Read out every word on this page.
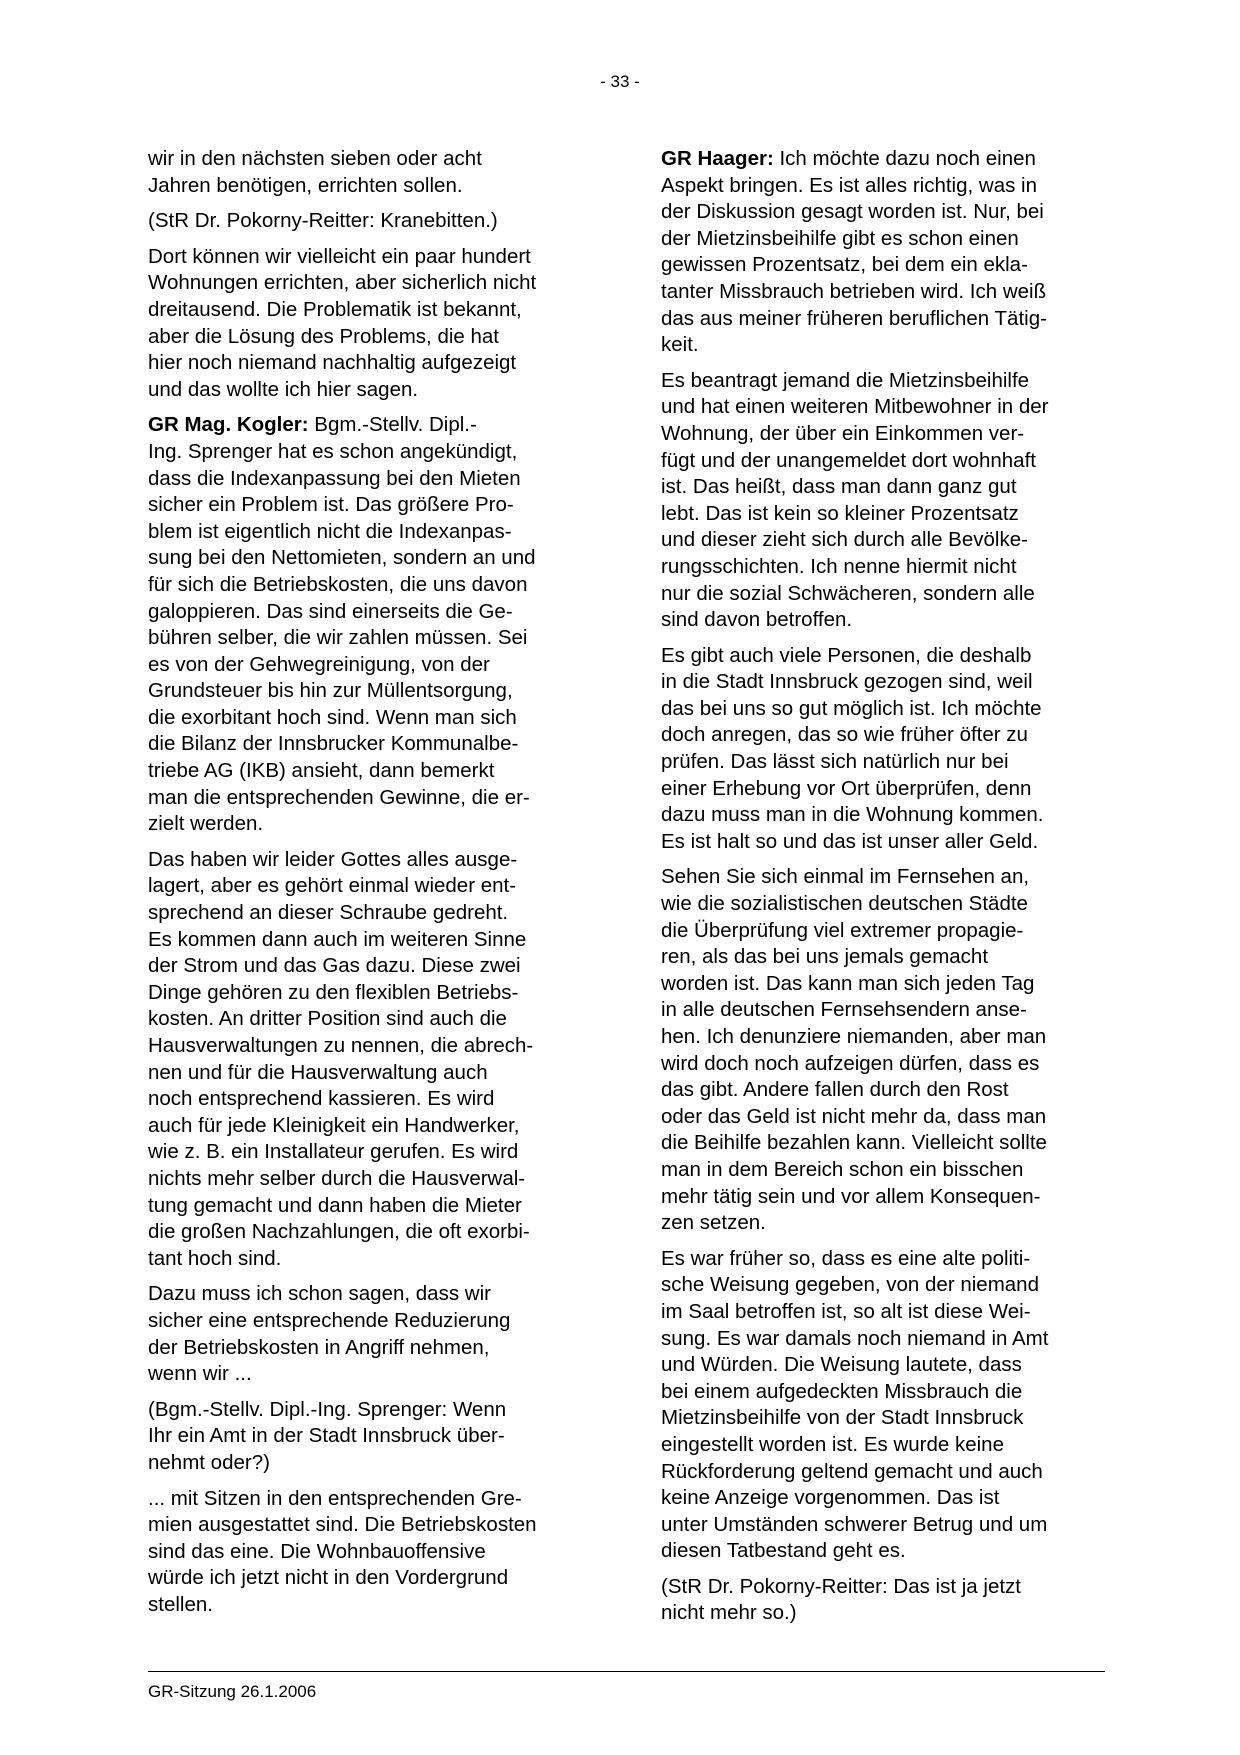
- 33 -

wir in den nächsten sieben oder acht
Jahren benötigen, errichten sollen.

(StR Dr. Pokorny-Reitter: Kranebitten.)

Dort können wir vielleicht ein paar hundert
Wohnungen errichten, aber sicherlich nicht
dreitausend. Die Problematik ist bekannt,
aber die Lösung des Problems, die hat
hier noch niemand nachhaltig aufgezeigt
und das wollte ich hier sagen.

GR Mag. Kogler: Bgm.-Stellv. Dipl.-
Ing. Sprenger hat es schon angekündigt,
dass die Indexanpassung bei den Mieten
sicher ein Problem ist. Das größere Pro-
blem ist eigentlich nicht die Indexanpas-
sung bei den Nettomieten, sondern an und
für sich die Betriebskosten, die uns davon
galoppieren. Das sind einerseits die Ge-
bühren selber, die wir zahlen müssen. Sei
es von der Gehwegreinigung, von der
Grundsteuer bis hin zur Müllentsorgung,
die exorbitant hoch sind. Wenn man sich
die Bilanz der Innsbrucker Kommunalbe-
triebe AG (IKB) ansieht, dann bemerkt
man die entsprechenden Gewinne, die er-
zielt werden.

Das haben wir leider Gottes alles ausge-
lagert, aber es gehört einmal wieder ent-
sprechend an dieser Schraube gedreht.
Es kommen dann auch im weiteren Sinne
der Strom und das Gas dazu. Diese zwei
Dinge gehören zu den flexiblen Betriebs-
kosten. An dritter Position sind auch die
Hausverwaltungen zu nennen, die abrech-
nen und für die Hausverwaltung auch
noch entsprechend kassieren. Es wird
auch für jede Kleinigkeit ein Handwerker,
wie z. B. ein Installateur gerufen. Es wird
nichts mehr selber durch die Hausverwal-
tung gemacht und dann haben die Mieter
die großen Nachzahlungen, die oft exorbi-
tant hoch sind.

Dazu muss ich schon sagen, dass wir
sicher eine entsprechende Reduzierung
der Betriebskosten in Angriff nehmen,
wenn wir ...

(Bgm.-Stellv. Dipl.-Ing. Sprenger: Wenn
Ihr ein Amt in der Stadt Innsbruck über-
nehmt oder?)

... mit Sitzen in den entsprechenden Gre-
mien ausgestattet sind. Die Betriebskosten
sind das eine. Die Wohnbauoffensive
würde ich jetzt nicht in den Vordergrund
stellen.

GR Haager: Ich möchte dazu noch einen
Aspekt bringen. Es ist alles richtig, was in
der Diskussion gesagt worden ist. Nur, bei
der Mietzinsbeihilfe gibt es schon einen
gewissen Prozentsatz, bei dem ein ekla-
tanter Missbrauch betrieben wird. Ich weiß
das aus meiner früheren beruflichen Tätig-
keit.

Es beantragt jemand die Mietzinsbeihilfe
und hat einen weiteren Mitbewohner in der
Wohnung, der über ein Einkommen ver-
fügt und der unangemeldet dort wohnhaft
ist. Das heißt, dass man dann ganz gut
lebt. Das ist kein so kleiner Prozentsatz
und dieser zieht sich durch alle Bevölke-
rungsschichten. Ich nenne hiermit nicht
nur die sozial Schwächeren, sondern alle
sind davon betroffen.

Es gibt auch viele Personen, die deshalb
in die Stadt Innsbruck gezogen sind, weil
das bei uns so gut möglich ist. Ich möchte
doch anregen, das so wie früher öfter zu
prüfen. Das lässt sich natürlich nur bei
einer Erhebung vor Ort überprüfen, denn
dazu muss man in die Wohnung kommen.
Es ist halt so und das ist unser aller Geld.

Sehen Sie sich einmal im Fernsehen an,
wie die sozialistischen deutschen Städte
die Überprüfung viel extremer propagie-
ren, als das bei uns jemals gemacht
worden ist. Das kann man sich jeden Tag
in alle deutschen Fernsehsendern anse-
hen. Ich denunziere niemanden, aber man
wird doch noch aufzeigen dürfen, dass es
das gibt. Andere fallen durch den Rost
oder das Geld ist nicht mehr da, dass man
die Beihilfe bezahlen kann. Vielleicht sollte
man in dem Bereich schon ein bisschen
mehr tätig sein und vor allem Konsequen-
zen setzen.

Es war früher so, dass es eine alte politi-
sche Weisung gegeben, von der niemand
im Saal betroffen ist, so alt ist diese Wei-
sung. Es war damals noch niemand in Amt
und Würden. Die Weisung lautete, dass
bei einem aufgedeckten Missbrauch die
Mietzinsbeihilfe von der Stadt Innsbruck
eingestellt worden ist. Es wurde keine
Rückforderung geltend gemacht und auch
keine Anzeige vorgenommen. Das ist
unter Umständen schwerer Betrug und um
diesen Tatbestand geht es.

(StR Dr. Pokorny-Reitter: Das ist ja jetzt
nicht mehr so.)

GR-Sitzung 26.1.2006
